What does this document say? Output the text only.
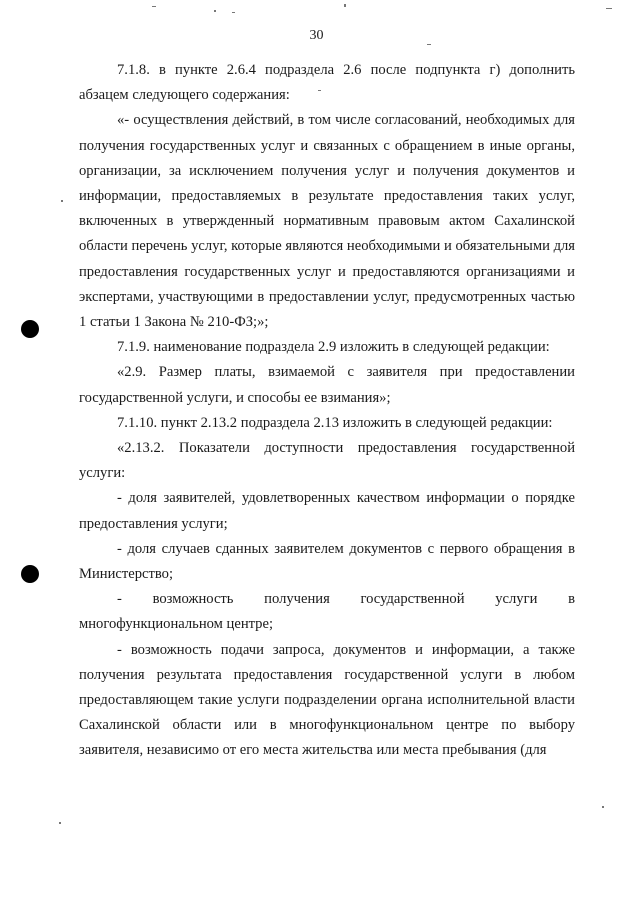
30

7.1.8. в пункте 2.6.4 подраздела 2.6 после подпункта г) дополнить абзацем следующего содержания:

«- осуществления действий, в том числе согласований, необходимых для получения государственных услуг и связанных с обращением в иные органы, организации, за исключением получения услуг и получения документов и информации, предоставляемых в результате предоставления таких услуг, включенных в утвержденный нормативным правовым актом Сахалинской области перечень услуг, которые являются необходимыми и обязательными для предоставления государственных услуг и предоставляются организациями и экспертами, участвующими в предоставлении услуг, предусмотренных частью 1 статьи 1 Закона № 210-ФЗ;»;

7.1.9. наименование подраздела 2.9 изложить в следующей редакции:

«2.9. Размер платы, взимаемой с заявителя при предоставлении государственной услуги, и способы ее взимания»;

7.1.10. пункт 2.13.2 подраздела 2.13 изложить в следующей редакции:

«2.13.2. Показатели доступности предоставления государственной услуги:

- доля заявителей, удовлетворенных качеством информации о порядке предоставления услуги;

- доля случаев сданных заявителем документов с первого обращения в Министерство;

- возможность получения государственной услуги в многофункциональном центре;

- возможность подачи запроса, документов и информации, а также получения результата предоставления государственной услуги в любом предоставляющем такие услуги подразделении органа исполнительной власти Сахалинской области или в многофункциональном центре по выбору заявителя, независимо от его места жительства или места пребывания (для
